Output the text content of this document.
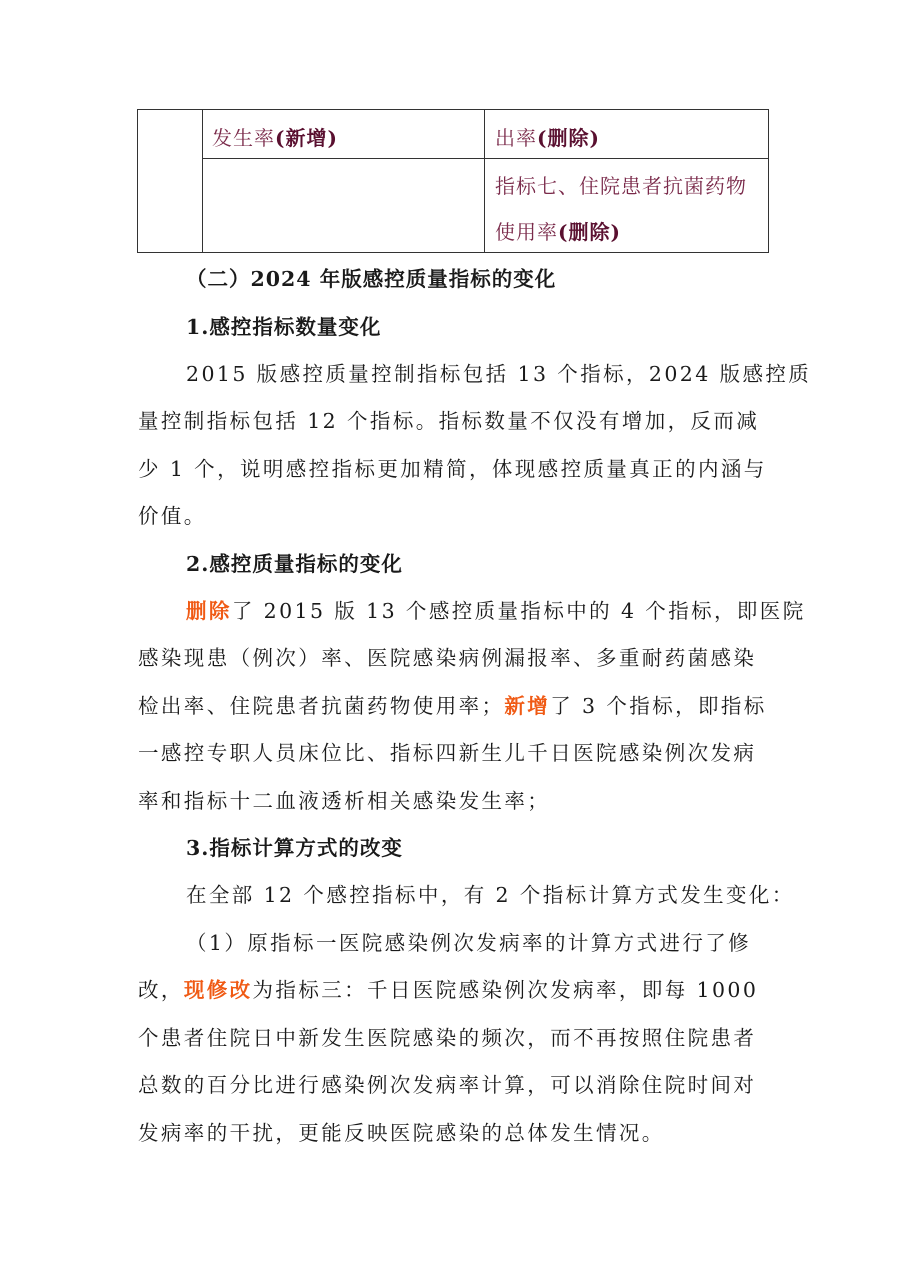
发生率(新增)	出率(删除)
指标七、住院患者抗菌药物
使用率(删除)
（二）2024 年版感控质量指标的变化
1.感控指标数量变化
2015 版感控质量控制指标包括 13 个指标，2024 版感控质
量控制指标包括 12 个指标。指标数量不仅没有增加，反而减
少 1 个，说明感控指标更加精简，体现感控质量真正的内涵与
价值。
2.感控质量指标的变化
删除了 2015 版 13 个感控质量指标中的 4 个指标，即医院
感染现患（例次）率、医院感染病例漏报率、多重耐药菌感染
检出率、住院患者抗菌药物使用率；新增了 3 个指标，即指标
一感控专职人员床位比、指标四新生儿千日医院感染例次发病
率和指标十二血液透析相关感染发生率；
3.指标计算方式的改变
在全部 12 个感控指标中，有 2 个指标计算方式发生变化：
（1）原指标一医院感染例次发病率的计算方式进行了修
改，现修改为指标三：千日医院感染例次发病率，即每 1000
个患者住院日中新发生医院感染的频次，而不再按照住院患者
总数的百分比进行感染例次发病率计算，可以消除住院时间对
发病率的干扰，更能反映医院感染的总体发生情况。
